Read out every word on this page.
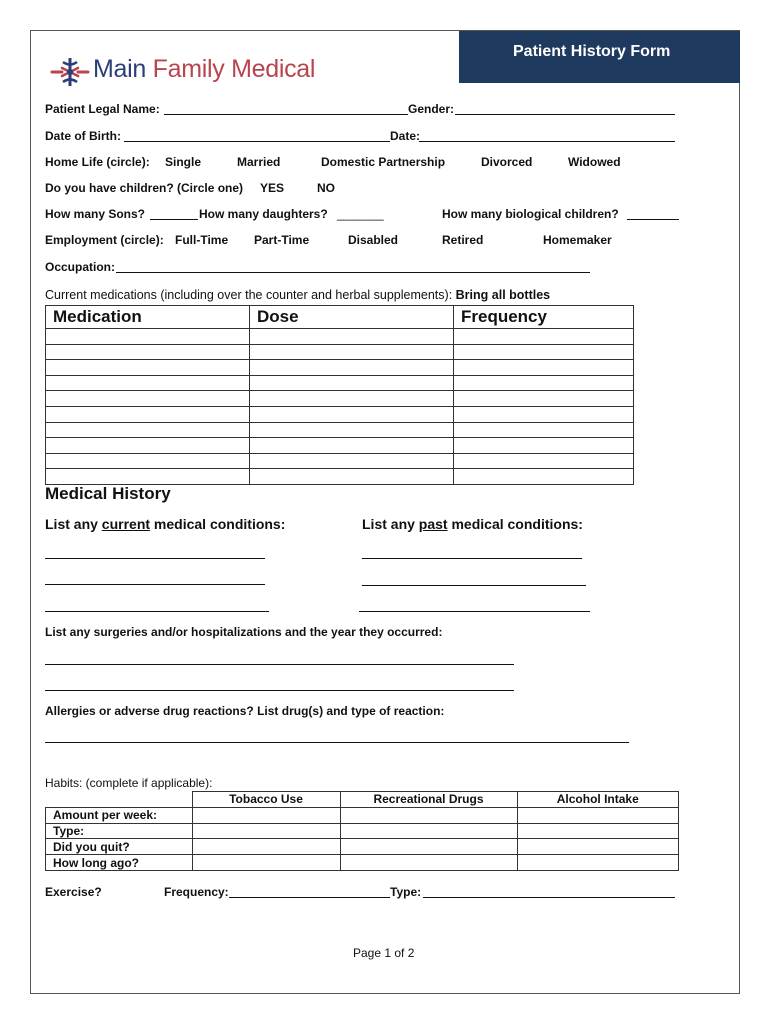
Patient History Form
Main Family Medical
Patient Legal Name:	Gender:
Date of Birth:	Date:
Home Life (circle): Single	Married	Domestic Partnership	Divorced	Widowed
Do you have children? (Circle one) YES	NO
How many Sons?	How many daughters? _______	How many biological children?
Employment (circle): Full-Time Part-Time	Disabled	Retired	Homemaker
Occupation:
Current medications (including over the counter and herbal supplements): Bring all bottles
Medication	Dose	Frequency

Medical History
List any current medical conditions:	List any past medical conditions:
List any surgeries and/or hospitalizations and the year they occurred:
Allergies or adverse drug reactions? List drug(s) and type of reaction:
Habits: (complete if applicable):
	Tobacco Use	Recreational Drugs	Alcohol Intake
Amount per week:			
Type:			
Did you quit?			
How long ago?			
Exercise?	Frequency:	Type:
Page 1 of 2
